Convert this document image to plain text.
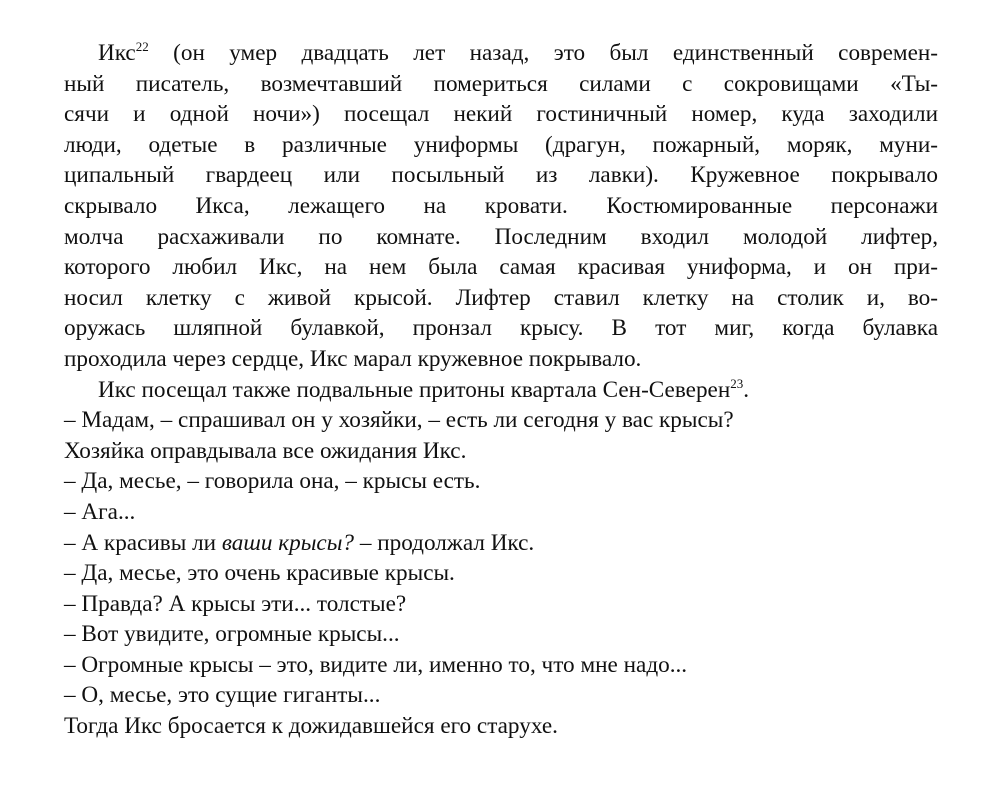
Икс$^{22}$ (он умер двадцать лет назад, это был единственный современ-
ный писатель, возмечтавший помериться силами с сокровищами «Ты-
сячи и одной ночи») посещал некий гостиничный номер, куда заходили
люди, одетые в различные униформы (драгун, пожарный, моряк, муни-
ципальный гвардеец или посыльный из лавки). Кружевное покрывало
скрывало Икса, лежащего на кровати. Костюмированные персонажи
молча расхаживали по комнате. Последним входил молодой лифтер,
которого любил Икс, на нем была самая красивая униформа, и он при-
носил клетку с живой крысой. Лифтер ставил клетку на столик и, во-
оружась шляпной булавкой, пронзал крысу. В тот миг, когда булавка
проходила через сердце, Икс марал кружевное покрывало.
Икс посещал также подвальные притоны квартала Сен-Северен$^{23}$.
– Мадам, – спрашивал он у хозяйки, – есть ли сегодня у вас крысы?
Хозяйка оправдывала все ожидания Икс.
– Да, месье, – говорила она, – крысы есть.
– Ага...
– А красивы ли ваши крысы? – продолжал Икс.
– Да, месье, это очень красивые крысы.
– Правда? А крысы эти... толстые?
– Вот увидите, огромные крысы...
– Огромные крысы – это, видите ли, именно то, что мне надо...
– О, месье, это сущие гиганты...
Тогда Икс бросается к дожидавшейся его старухе.
